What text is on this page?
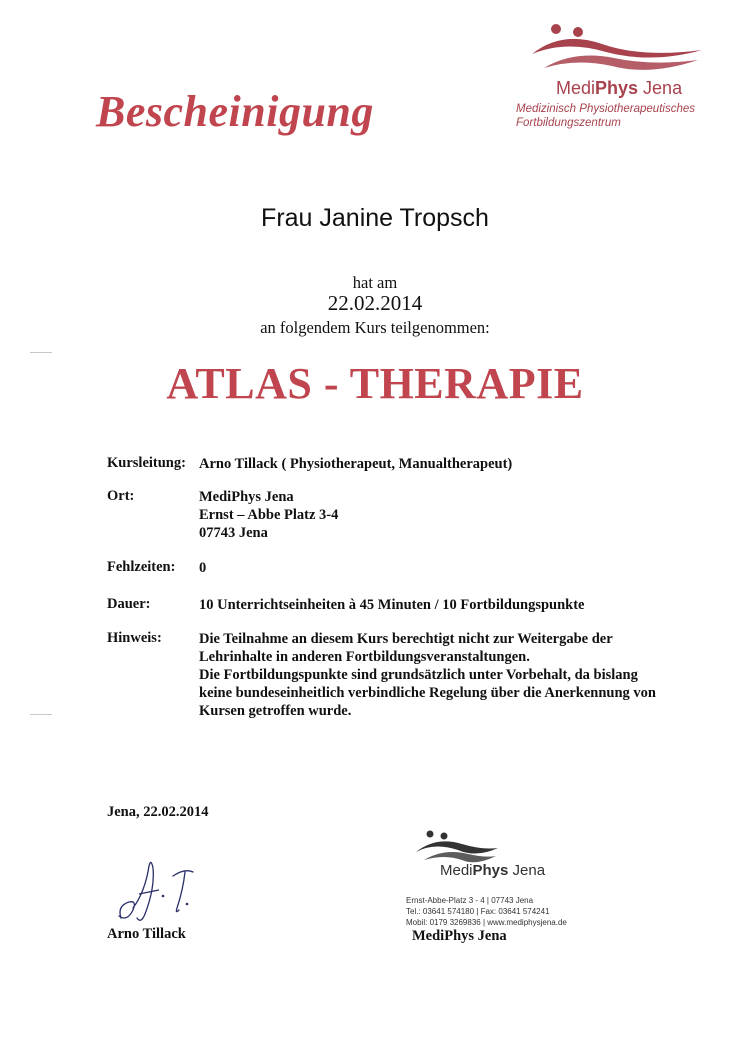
Bescheinigung	MediPhys Jena
Medizinisch Physiotherapeutisches
Fortbildungszentrum
Frau Janine Tropsch
hat am
22.02.2014
an folgendem Kurs teilgenommen:
ATLAS - THERAPIE
Kursleitung: Arno Tillack ( Physiotherapeut, Manualtherapeut)
Ort:	MediPhys Jena
Ernst – Abbe Platz 3-4
07743 Jena
Fehlzeiten: 0
Dauer:	10 Unterrichtseinheiten à 45 Minuten / 10 Fortbildungspunkte
Hinweis:	Die Teilnahme an diesem Kurs berechtigt nicht zur Weitergabe der
Lehrinhalte in anderen Fortbildungsveranstaltungen.
Die Fortbildungspunkte sind grundsätzlich unter Vorbehalt, da bislang
keine bundeseinheitlich verbindliche Regelung über die Anerkennung von
Kursen getroffen wurde.
Jena, 22.02.2014
Arno Tillack
MediPhys Jena
Ernst-Abbe-Platz 3 - 4 | 07743 Jena
Tel.: 03641 574180 | Fax: 03641 574241
Mobil: 0179 3269836 | www.mediphysjena.de
MediPhys Jena
